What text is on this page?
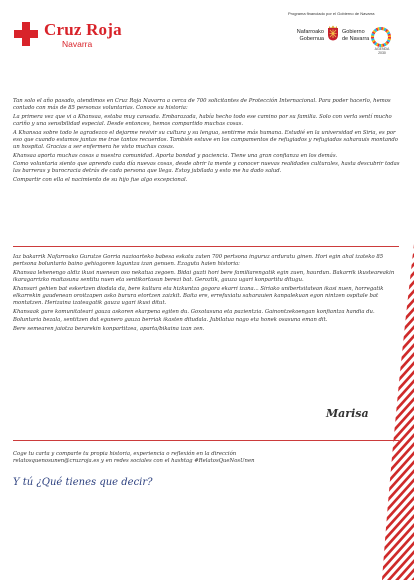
Cruz Roja
Navarra
Programa financiado por el Gobierno de Navarra
Nafarroako
Gobernua
Gobierno
de Navarra
AGENDA
2030

Tan solo el año pasado, atendimos en Cruz Roja Navarra a cerca de 700 solicitantes de Protección Internacional. Para poder hacerlo, hemos contado con más de 85 personas voluntarias. Conoce su historia:

La primera vez que vi a Khansaa, estaba muy cansada. Embarazada, había hecho todo ese camino por su familia. Solo con verla sentí mucho cariño y una sensibilidad especial. Desde entonces, hemos compartido muchas cosas.

A Khansaa sobre todo le agradezco el dejarme revivir su cultura y su lengua, sentirme más humana. Estudié en la universidad en Siria, es por eso que cuando estamos juntas me trae tantos recuerdos. También estuve en los campamentos de refugiados y refugiadas saharauis montando un hospital. Gracias a ser enfermera he visto muchas cosas.

Khansaa aporta muchas cosas a nuestra comunidad. Aporta bondad y paciencia. Tiene una gran confianza en los demás.

Como voluntaria siento que aprendo cada día nuevas cosas, desde abrir la mente y conocer nuevas realidades culturales, hasta descubrir todas las barreras y burocracia detrás de cada persona que llega. Estoy jubilada y esto me ha dado salud.

Compartir con ella el nacimiento de su hijo fue algo excepcional.

Iaz bakarrik Nafarroako Gurutze Gorria nazioarteko babesa eskatu zuten 700 pertsona inguruz arduratu ginen. Hori egin ahal izateko 85 pertsona boluntario baino gehiagoren laguntza izan genuen. Ezagutu haien historia:

Khansaa lehenengo aldiz ikusi nuenean oso nekatua zegoen. Bidai guzti hori bere familiarengatik egin zuen, haurdun. Bakarrik ikusteareakin ikaragarrizko maitasuna sentitu nuen eta sentikortasun berezi bat. Geroztik, gauza ugari konpartitu ditugu.

Khansari gehien bat eskertzen diodala da, bere kultura eta hizkuntza gogora ekarri izana... Siriako unibertsitatean ikasi nuen, horregatik elkarrekin gaudenean oroitzapen asko burura etortzen zaizkit. Baita ere, errefuxiatu saharauien kanpalekuan egon nintzen ospitale bat montatzen. Herizaina izateagatik gauza ugari ikusi ditut.

Khansaak gure komunitateari gauza askoren ekarpena egiten du. Goxotasuna eta pazientzia. Gainontzekoengan konfiantza handia du.

Boluntaria bezala, sentitzen dut egunero gauza berriak ikasten ditudala. Jubilatua nago eta honek osasuna eman dit.

Bere semearen jaiotza berarekin konpartitzea, aparta/bikaina izan zen.

Marisa

Coge tu carta y comparte tu propia historia, experiencia o reflexión en la dirección

relatosquenosunen@cruzroja.es y en redes sociales con el hashtag #RelatosQueNosUnen

Y tú ¿Qué tienes que decir?
